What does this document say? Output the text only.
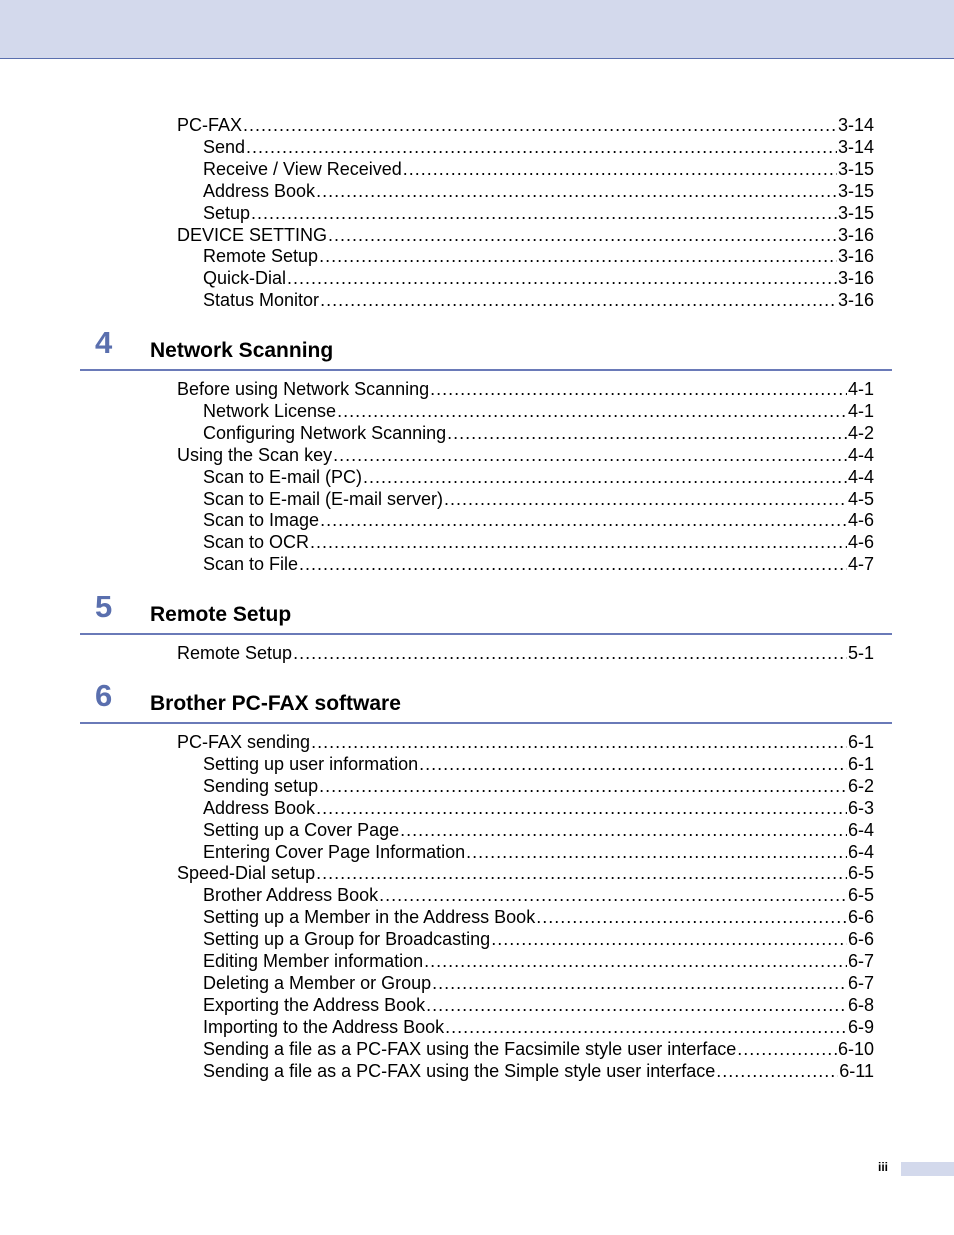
PC-FAX .....	3-14
Send .....	3-14
Receive / View Received .....	3-15
Address Book .....	3-15
Setup .....	3-15
DEVICE SETTING .....	3-16
Remote Setup .....	3-16
Quick-Dial .....	3-16
Status Monitor .....	3-16
4 Network Scanning
Before using Network Scanning .....	4-1
Network License .....	4-1
Configuring Network Scanning .....	4-2
Using the Scan key .....	4-4
Scan to E-mail (PC) .....	4-4
Scan to E-mail (E-mail server) .....	4-5
Scan to Image .....	4-6
Scan to OCR .....	4-6
Scan to File .....	4-7
5 Remote Setup
Remote Setup .....	5-1
6 Brother PC-FAX software
PC-FAX sending .....	6-1
Setting up user information .....	6-1
Sending setup .....	6-2
Address Book .....	6-3
Setting up a Cover Page .....	6-4
Entering Cover Page Information .....	6-4
Speed-Dial setup .....	6-5
Brother Address Book .....	6-5
Setting up a Member in the Address Book .....	6-6
Setting up a Group for Broadcasting .....	6-6
Editing Member information .....	6-7
Deleting a Member or Group .....	6-7
Exporting the Address Book .....	6-8
Importing to the Address Book .....	6-9
Sending a file as a PC-FAX using the Facsimile style user interface .....	6-10
Sending a file as a PC-FAX using the Simple style user interface .....	6-11
iii
